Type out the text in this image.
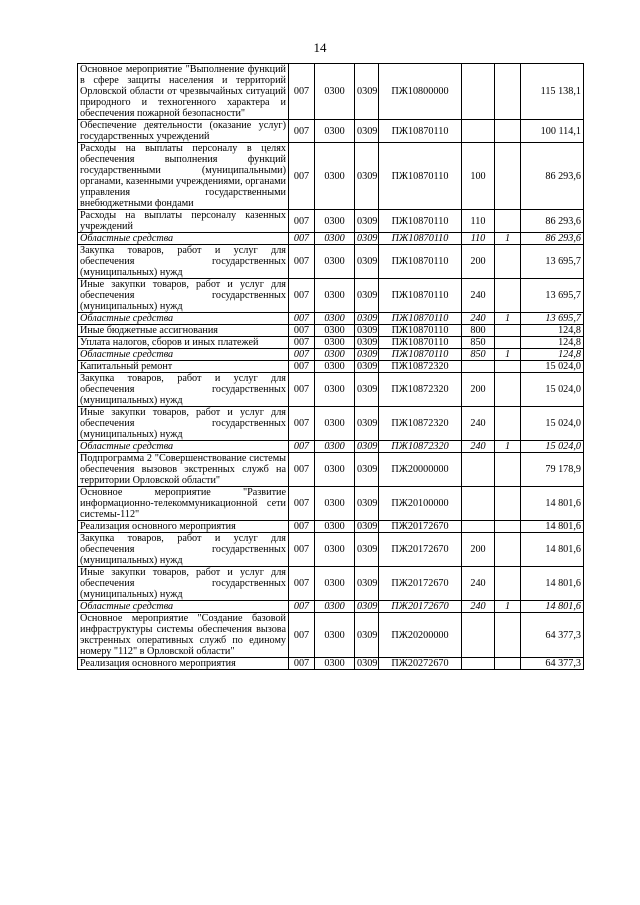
14
Основное мероприятие "Выполнение функций в сфере защиты населения и территорий Орловской области от чрезвычайных ситуаций природного и техногенного характера и обеспечения пожарной безопасности"	007	0300	0309	ПЖ10800000			115 138,1
Обеспечение деятельности (оказание услуг) государственных учреждений	007	0300	0309	ПЖ10870110			100 114,1
Расходы на выплаты персоналу в целях обеспечения выполнения функций государственными (муниципальными) органами, казенными учреждениями, органами управления государственными внебюджетными фондами	007	0300	0309	ПЖ10870110	100		86 293,6
Расходы на выплаты персоналу казенных учреждений	007	0300	0309	ПЖ10870110	110		86 293,6
Областные средства	007	0300	0309	ПЖ10870110	110	1	86 293,6
Закупка товаров, работ и услуг для обеспечения государственных (муниципальных) нужд	007	0300	0309	ПЖ10870110	200		13 695,7
Иные закупки товаров, работ и услуг для обеспечения государственных (муниципальных) нужд	007	0300	0309	ПЖ10870110	240		13 695,7
Областные средства	007	0300	0309	ПЖ10870110	240	1	13 695,7
Иные бюджетные ассигнования	007	0300	0309	ПЖ10870110	800		124,8
Уплата налогов, сборов и иных платежей	007	0300	0309	ПЖ10870110	850		124,8
Областные средства	007	0300	0309	ПЖ10870110	850	1	124,8
Капитальный ремонт	007	0300	0309	ПЖ10872320			15 024,0
Закупка товаров, работ и услуг для обеспечения государственных (муниципальных) нужд	007	0300	0309	ПЖ10872320	200		15 024,0
Иные закупки товаров, работ и услуг для обеспечения государственных (муниципальных) нужд	007	0300	0309	ПЖ10872320	240		15 024,0
Областные средства	007	0300	0309	ПЖ10872320	240	1	15 024,0
Подпрограмма 2 "Совершенствование системы обеспечения вызовов экстренных служб на территории Орловской области"	007	0300	0309	ПЖ20000000			79 178,9
Основное мероприятие "Развитие информационно-телекоммуникационной сети системы-112"	007	0300	0309	ПЖ20100000			14 801,6
Реализация основного мероприятия	007	0300	0309	ПЖ20172670			14 801,6
Закупка товаров, работ и услуг для обеспечения государственных (муниципальных) нужд	007	0300	0309	ПЖ20172670	200		14 801,6
Иные закупки товаров, работ и услуг для обеспечения государственных (муниципальных) нужд	007	0300	0309	ПЖ20172670	240		14 801,6
Областные средства	007	0300	0309	ПЖ20172670	240	1	14 801,6
Основное мероприятие "Создание базовой инфраструктуры системы обеспечения вызова экстренных оперативных служб по единому номеру "112" в Орловской области"	007	0300	0309	ПЖ20200000			64 377,3
Реализация основного мероприятия	007	0300	0309	ПЖ20272670			64 377,3
